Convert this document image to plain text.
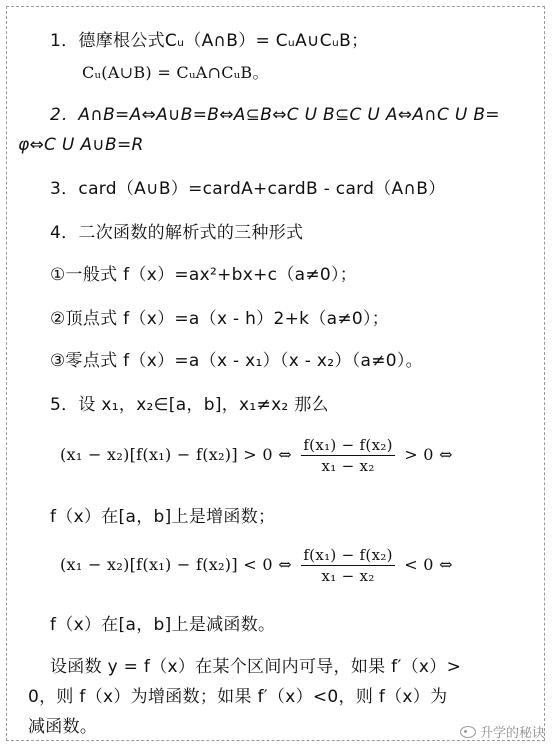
1．德摩根公式Cᵤ（A∩B）= CᵤA∪CᵤB；
Cᵤ(A∪B) = CᵤA∩CᵤB。
2．A∩B=A⇔A∪B=B⇔A⊆B⇔C U B⊆C U A⇔A∩C U B=
φ⇔C U A∪B=R
3．card（A∪B）=cardA+cardB - card（A∩B）
4．二次函数的解析式的三种形式
①一般式 f（x）=ax²+bx+c（a≠0）；
②顶点式 f（x）=a（x - h）2+k（a≠0）；
③零点式 f（x）=a（x - x₁）（x - x₂）（a≠0）。
5．设 x₁，x₂∈[a，b]，x₁≠x₂ 那么
(x₁ − x₂)[f(x₁) − f(x₂)] > 0 ⇔ $\frac{\text{f(x₁) − f(x₂)}}{\text{x₁ − x₂}} > 0$ ⇔
f（x）在[a，b]上是增函数；
(x₁ − x₂)[f(x₁) − f(x₂)] < 0 ⇔ $\frac{\text{f(x₁) − f(x₂)}}{\text{x₁ − x₂}} < 0$ ⇔
f（x）在[a，b]上是减函数。
设函数 y = f（x）在某个区间内可导，如果 f′（x）>
0，则 f（x）为增函数；如果 f′（x）<0，则 f（x）为
减函数。	升学的秘诀
